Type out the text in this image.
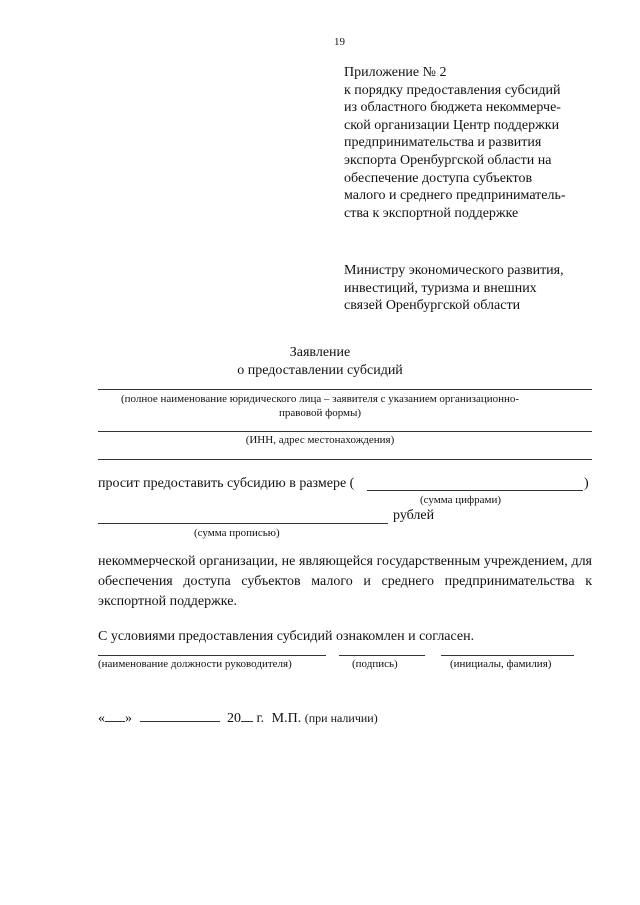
19
Приложение № 2
к порядку предоставления субсидий
из областного бюджета некоммерче-
ской организации Центр поддержки
предпринимательства и развития
экспорта Оренбургской области на
обеспечение доступа субъектов
малого и среднего предприниматель-
ства к экспортной поддержке
Министру экономического развития,
инвестиций, туризма и внешних
связей Оренбургской области
Заявление
о предоставлении субсидий
(полное наименование юридического лица – заявителя с указанием организационно-
правовой формы)
(ИНН, адрес местонахождения)
просит предоставить субсидию в размере (	)
(сумма цифрами)
рублей
(сумма прописью)
некоммерческой организации, не являющейся государственным учреждением, для обеспечения доступа субъектов малого и среднего предпринимательства к экспортной поддержке.
С условиями предоставления субсидий ознакомлен и согласен.
(наименование должности руководителя)	(подпись)	(инициалы, фамилия)
« »	20 г. М.П. (при наличии)
